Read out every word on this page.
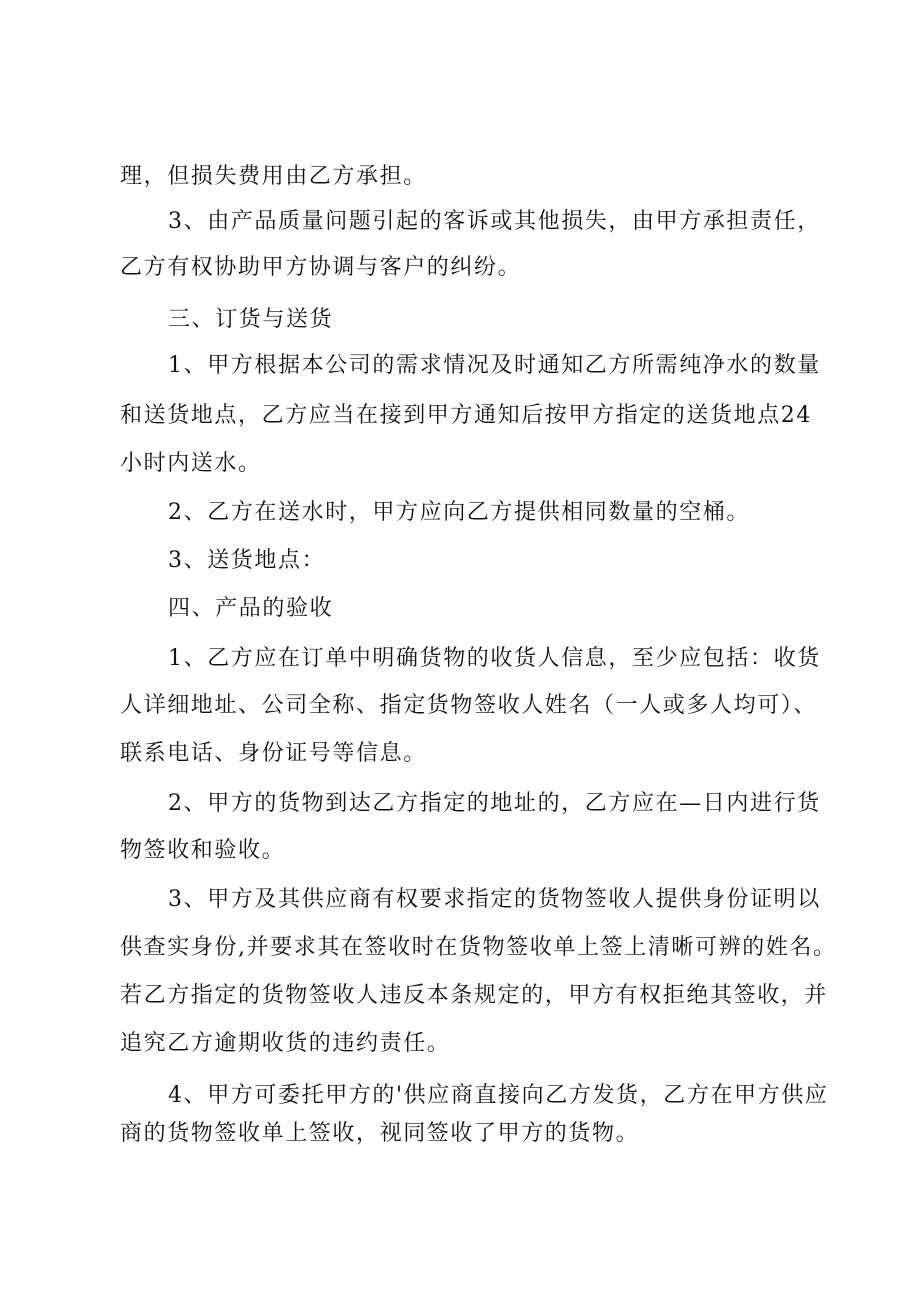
理，但损失费用由乙方承担。
3、由产品质量问题引起的客诉或其他损失，由甲方承担责任，
乙方有权协助甲方协调与客户的纠纷。
三、订货与送货
1、甲方根据本公司的需求情况及时通知乙方所需纯净水的数量
和送货地点，乙方应当在接到甲方通知后按甲方指定的送货地点24
小时内送水。
2、乙方在送水时，甲方应向乙方提供相同数量的空桶。
3、送货地点：
四、产品的验收
1、乙方应在订单中明确货物的收货人信息，至少应包括：收货
人详细地址、公司全称、指定货物签收人姓名（一人或多人均可）、
联系电话、身份证号等信息。
2、甲方的货物到达乙方指定的地址的，乙方应在—日内进行货
物签收和验收。
3、甲方及其供应商有权要求指定的货物签收人提供身份证明以
供查实身份,并要求其在签收时在货物签收单上签上清晰可辨的姓名。
若乙方指定的货物签收人违反本条规定的，甲方有权拒绝其签收，并
追究乙方逾期收货的违约责任。
4、甲方可委托甲方的'供应商直接向乙方发货，乙方在甲方供应
商的货物签收单上签收，视同签收了甲方的货物。
